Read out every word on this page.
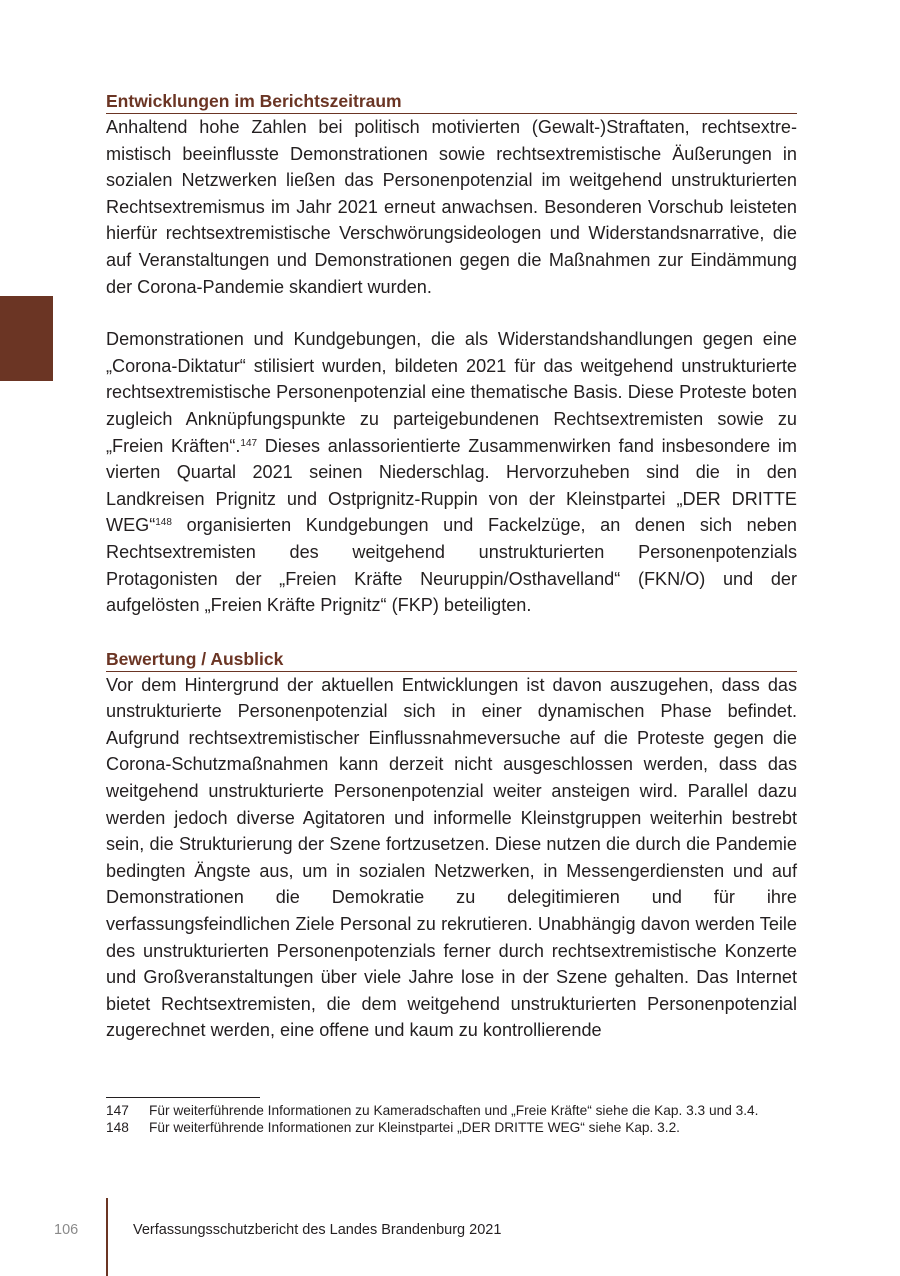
Entwicklungen im Berichtszeitraum

Anhaltend hohe Zahlen bei politisch motivierten (Gewalt-)Straftaten, rechtsextremistisch beeinflusste Demonstrationen sowie rechtsextremistische Äußerungen in sozialen Netzwerken ließen das Personenpotenzial im weitgehend unstrukturierten Rechtsextremismus im Jahr 2021 erneut anwachsen. Besonderen Vorschub leisteten hierfür rechtsextremistische Verschwörungsideologen und Widerstandsnarrative, die auf Veranstaltungen und Demonstrationen gegen die Maßnahmen zur Eindämmung der Corona-Pandemie skandiert wurden.

Demonstrationen und Kundgebungen, die als Widerstandshandlungen gegen eine „Corona-Diktatur“ stilisiert wurden, bildeten 2021 für das weitgehend unstrukturierte rechtsextremistische Personenpotenzial eine thematische Basis. Diese Proteste boten zugleich Anknüpfungspunkte zu parteigebundenen Rechtsextremisten sowie zu „Freien Kräften“.$^{147}$ Dieses anlassorientierte Zusammenwirken fand insbesondere im vierten Quartal 2021 seinen Niederschlag. Hervorzuheben sind die in den Landkreisen Prignitz und Ostprignitz-Ruppin von der Kleinstpartei „DER DRITTE WEG“$^{148}$ organisierten Kundgebungen und Fackelzüge, an denen sich neben Rechtsextremisten des weitgehend unstrukturierten Personenpotenzials Protagonisten der „Freien Kräfte Neuruppin/Osthavelland“ (FKN/O) und der aufgelösten „Freien Kräfte Prignitz“ (FKP) beteiligten.

Bewertung / Ausblick

Vor dem Hintergrund der aktuellen Entwicklungen ist davon auszugehen, dass das unstrukturierte Personenpotenzial sich in einer dynamischen Phase befindet. Aufgrund rechtsextremistischer Einflussnahmeversuche auf die Proteste gegen die Corona-Schutzmaßnahmen kann derzeit nicht ausgeschlossen werden, dass das weitgehend unstrukturierte Personenpotenzial weiter ansteigen wird. Parallel dazu werden jedoch diverse Agitatoren und informelle Kleinstgruppen weiterhin bestrebt sein, die Strukturierung der Szene fortzusetzen. Diese nutzen die durch die Pandemie bedingten Ängste aus, um in sozialen Netzwerken, in Messengerdiensten und auf Demonstrationen die Demokratie zu delegitimieren und für ihre verfassungsfeindlichen Ziele Personal zu rekrutieren. Unabhängig davon werden Teile des unstrukturierten Personenpotenzials ferner durch rechtsextremistische Konzerte und Großveranstaltungen über viele Jahre lose in der Szene gehalten. Das Internet bietet Rechtsextremisten, die dem weitgehend unstrukturierten Personenpotenzial zugerechnet werden, eine offene und kaum zu kontrollierende

147	Für weiterführende Informationen zu Kameradschaften und „Freie Kräfte“ siehe die Kap. 3.3 und 3.4.
148	Für weiterführende Informationen zur Kleinstpartei „DER DRITTE WEG“ siehe Kap. 3.2.
106	Verfassungsschutzbericht des Landes Brandenburg 2021
